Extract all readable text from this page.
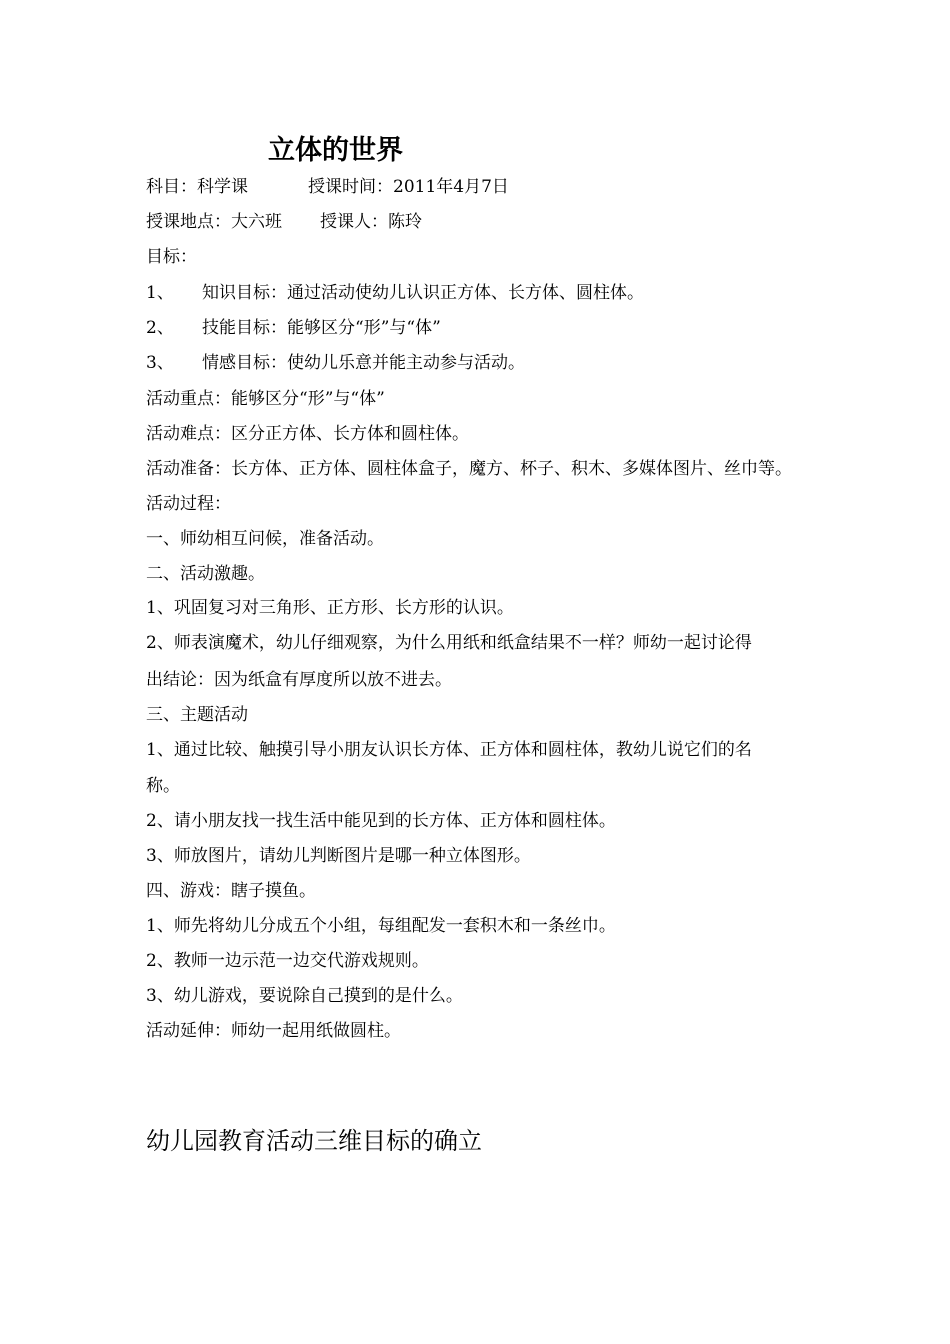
立体的世界
科目：科学课	授课时间：2011年4月7日
授课地点：大六班 授课人：陈玲
目标：
1、 知识目标：通过活动使幼儿认识正方体、长方体、圆柱体。
2、 技能目标：能够区分“形”与“体”
3、 情感目标：使幼儿乐意并能主动参与活动。
活动重点：能够区分“形”与“体”
活动难点：区分正方体、长方体和圆柱体。
活动准备：长方体、正方体、圆柱体盒子，魔方、杯子、积木、多媒体图片、丝巾等。
活动过程：
一、师幼相互问候，准备活动。
二、活动激趣。
1、巩固复习对三角形、正方形、长方形的认识。
2、师表演魔术，幼儿仔细观察，为什么用纸和纸盒结果不一样？师幼一起讨论得
出结论：因为纸盒有厚度所以放不进去。
三、主题活动
1、通过比较、触摸引导小朋友认识长方体、正方体和圆柱体，教幼儿说它们的名
称。
2、请小朋友找一找生活中能见到的长方体、正方体和圆柱体。
3、师放图片，请幼儿判断图片是哪一种立体图形。
四、游戏：瞎子摸鱼。
1、师先将幼儿分成五个小组，每组配发一套积木和一条丝巾。
2、教师一边示范一边交代游戏规则。
3、幼儿游戏，要说除自己摸到的是什么。
活动延伸：师幼一起用纸做圆柱。
幼儿园教育活动三维目标的确立
